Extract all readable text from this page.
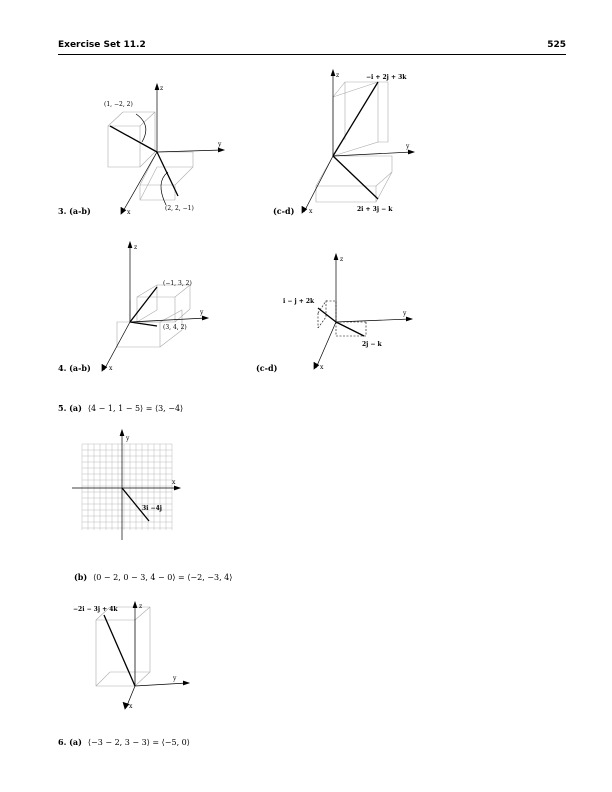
Exercise Set 11.2	525
z
y
x
(1, −2, 2)
(2, 2, −1)
3. (a-b)
z
y
x
−i + 2j + 3k
2i + 3j − k
(c-d)
z
y
x
(−1, 3, 2)
(3, 4, 2)
4. (a-b)
z
y
x
i − j + 2k
2j − k
(c-d)
5. (a) ⟨4 − 1, 1 − 5⟩ = ⟨3, −4⟩
y
x
3i −4j
(b) ⟨0 − 2, 0 − 3, 4 − 0⟩ = ⟨−2, −3, 4⟩
z
y
x
−2i − 3j + 4k
6. (a) ⟨−3 − 2, 3 − 3⟩ = ⟨−5, 0⟩
